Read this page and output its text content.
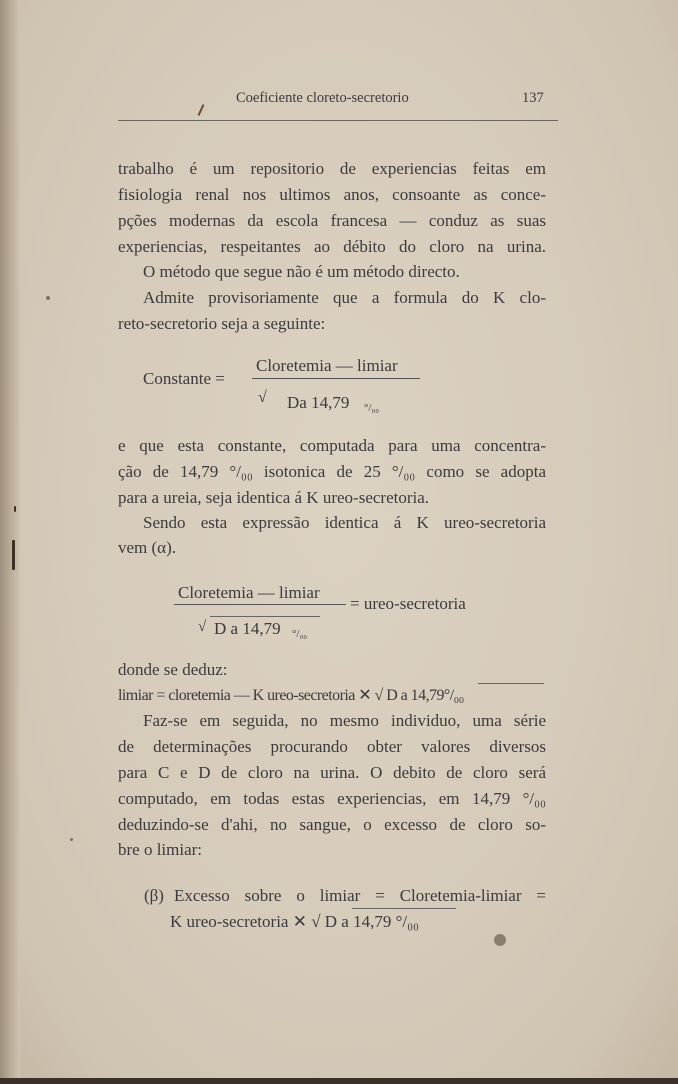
Coeficiente cloreto-secretorio	137
trabalho é um repositorio de experiencias feitas em
fisiologia renal nos ultimos anos, consoante as conce-
pções modernas da escola francesa — conduz as suas
experiencias, respeitantes ao débito do cloro na urina.
O método que segue não é um método directo.
Admite provisoriamente que a formula do K clo-
reto-secretorio seja a seguinte:
Constante =
Cloretemia — limiar
√ Da 14,79 °/₀₀
e que esta constante, computada para uma concentra-
ção de 14,79 °/₀₀ isotonica de 25 °/₀₀ como se adopta
para a ureia, seja identica á K ureo-secretoria.
Sendo esta expressão identica á K ureo-secretoria
vem (α).
Cloretemia — limiar
√ D a 14,79 °/₀₀
= ureo-secretoria
donde se deduz:
limiar = cloretemia — K ureo-secretoria ✕ √ D a 14,79°/₀₀
Faz-se em seguida, no mesmo individuo, uma série
de determinações procurando obter valores diversos
para C e D de cloro na urina. O debito de cloro será
computado, em todas estas experiencias, em 14,79 °/₀₀
deduzindo-se d'ahi, no sangue, o excesso de cloro so-
bre o limiar:
(β) Excesso sobre o limiar = Cloretemia-limiar =
K ureo-secretoria ✕ √ D a 14,79 °/₀₀
